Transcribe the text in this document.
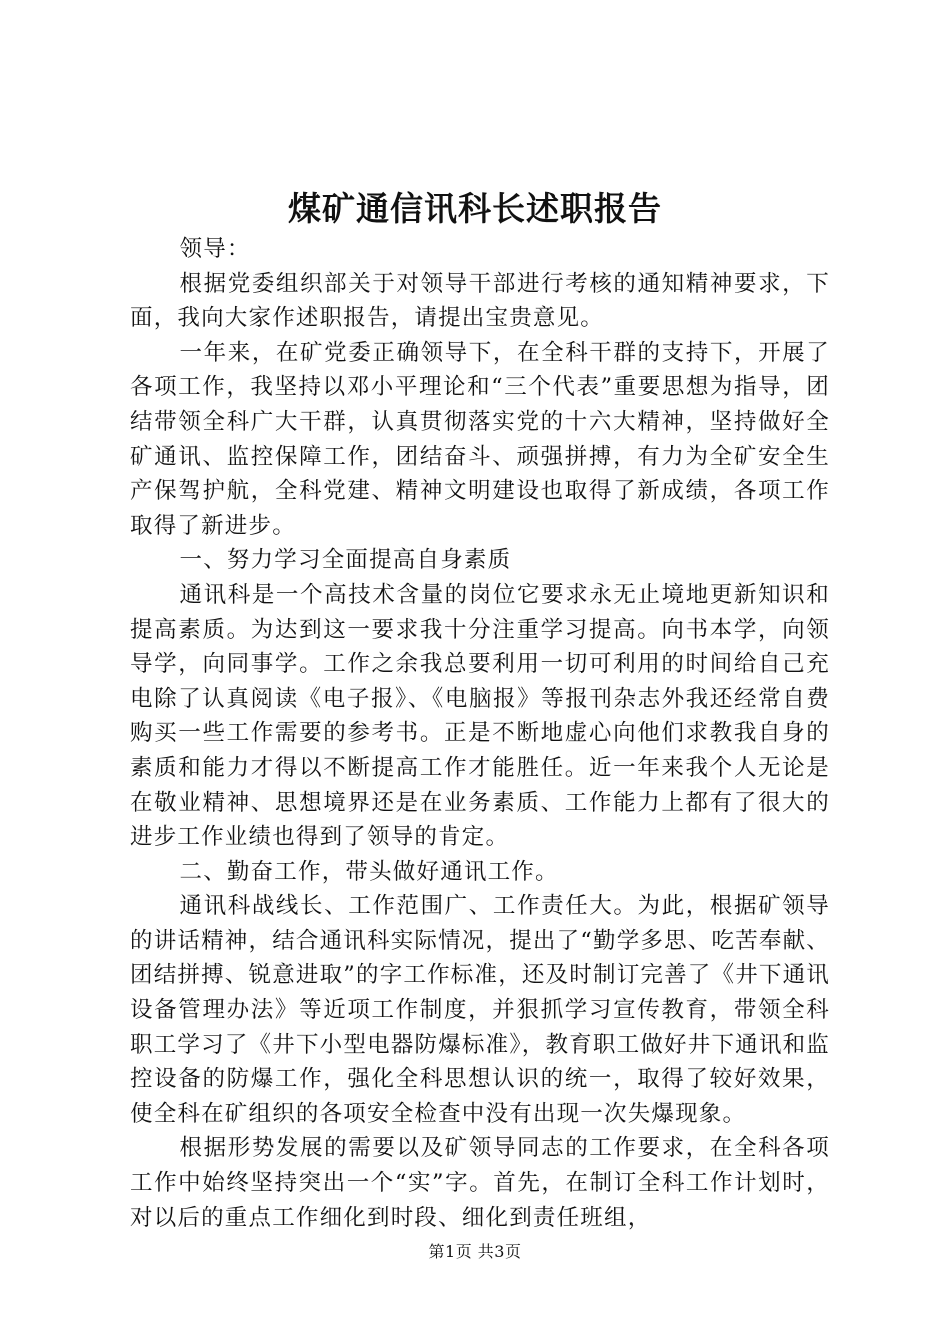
煤矿通信讯科长述职报告

领导：

根据党委组织部关于对领导干部进行考核的通知精神要求，下面，我向大家作述职报告，请提出宝贵意见。

一年来，在矿党委正确领导下，在全科干群的支持下，开展了各项工作，我坚持以邓小平理论和“三个代表”重要思想为指导，团结带领全科广大干群，认真贯彻落实党的十六大精神，坚持做好全矿通讯、监控保障工作，团结奋斗、顽强拼搏，有力为全矿安全生产保驾护航，全科党建、精神文明建设也取得了新成绩，各项工作取得了新进步。

一、努力学习全面提高自身素质

通讯科是一个高技术含量的岗位它要求永无止境地更新知识和提高素质。为达到这一要求我十分注重学习提高。向书本学，向领导学，向同事学。工作之余我总要利用一切可利用的时间给自己充电除了认真阅读《电子报》、《电脑报》等报刊杂志外我还经常自费购买一些工作需要的参考书。正是不断地虚心向他们求教我自身的素质和能力才得以不断提高工作才能胜任。近一年来我个人无论是在敬业精神、思想境界还是在业务素质、工作能力上都有了很大的进步工作业绩也得到了领导的肯定。

二、勤奋工作，带头做好通讯工作。

通讯科战线长、工作范围广、工作责任大。为此，根据矿领导的讲话精神，结合通讯科实际情况，提出了“勤学多思、吃苦奉献、团结拼搏、锐意进取”的字工作标准，还及时制订完善了《井下通讯设备管理办法》等近项工作制度，并狠抓学习宣传教育，带领全科职工学习了《井下小型电器防爆标准》，教育职工做好井下通讯和监控设备的防爆工作，强化全科思想认识的统一，取得了较好效果，使全科在矿组织的各项安全检查中没有出现一次失爆现象。

根据形势发展的需要以及矿领导同志的工作要求，在全科各项工作中始终坚持突出一个“实”字。首先，在制订全科工作计划时，对以后的重点工作细化到时段、细化到责任班组，

第1页 共3页
